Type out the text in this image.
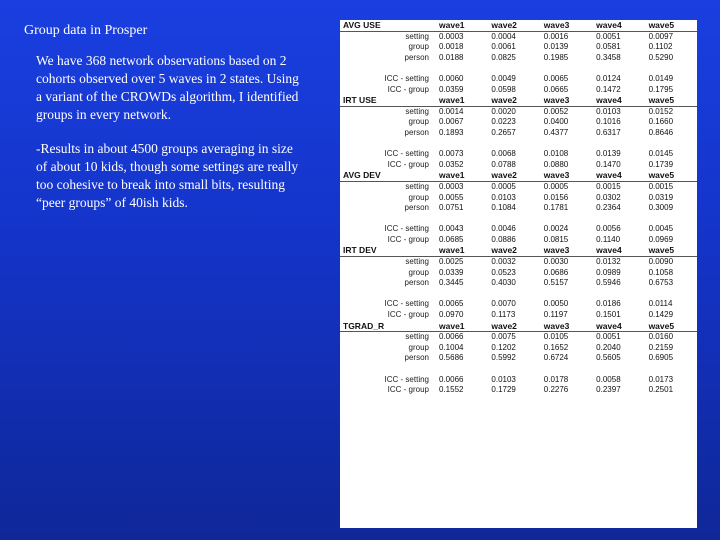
Group data in Prosper

We have 368 network observations based on 2 cohorts observed over 5 waves in 2 states. Using a variant of the CROWDs algorithm, I identified groups in every network.

-Results in about 4500 groups averaging in size of about 10 kids, though some settings are really too cohesive to break into small bits, resulting “peer groups” of 40ish kids.

AVG USE	wave1	wave2	wave3	wave4	wave5
setting	0.0003	0.0004	0.0016	0.0051	0.0097
group	0.0018	0.0061	0.0139	0.0581	0.1102
person	0.0188	0.0825	0.1985	0.3458	0.5290

ICC - setting	0.0060	0.0049	0.0065	0.0124	0.0149
ICC - group	0.0359	0.0598	0.0665	0.1472	0.1795
IRT USE	wave1	wave2	wave3	wave4	wave5
setting	0.0014	0.0020	0.0052	0.0103	0.0152
group	0.0067	0.0223	0.0400	0.1016	0.1660
person	0.1893	0.2657	0.4377	0.6317	0.8646

ICC - setting	0.0073	0.0068	0.0108	0.0139	0.0145
ICC - group	0.0352	0.0788	0.0880	0.1470	0.1739
AVG DEV	wave1	wave2	wave3	wave4	wave5
setting	0.0003	0.0005	0.0005	0.0015	0.0015
group	0.0055	0.0103	0.0156	0.0302	0.0319
person	0.0751	0.1084	0.1781	0.2364	0.3009

ICC - setting	0.0043	0.0046	0.0024	0.0056	0.0045
ICC - group	0.0685	0.0886	0.0815	0.1140	0.0969
IRT DEV	wave1	wave2	wave3	wave4	wave5
setting	0.0025	0.0032	0.0030	0.0132	0.0090
group	0.0339	0.0523	0.0686	0.0989	0.1058
person	0.3445	0.4030	0.5157	0.5946	0.6753

ICC - setting	0.0065	0.0070	0.0050	0.0186	0.0114
ICC - group	0.0970	0.1173	0.1197	0.1501	0.1429
TGRAD_R	wave1	wave2	wave3	wave4	wave5
setting	0.0066	0.0075	0.0105	0.0051	0.0160
group	0.1004	0.1202	0.1652	0.2040	0.2159
person	0.5686	0.5992	0.6724	0.5605	0.6905

ICC - setting	0.0066	0.0103	0.0178	0.0058	0.0173
ICC - group	0.1552	0.1729	0.2276	0.2397	0.2501
